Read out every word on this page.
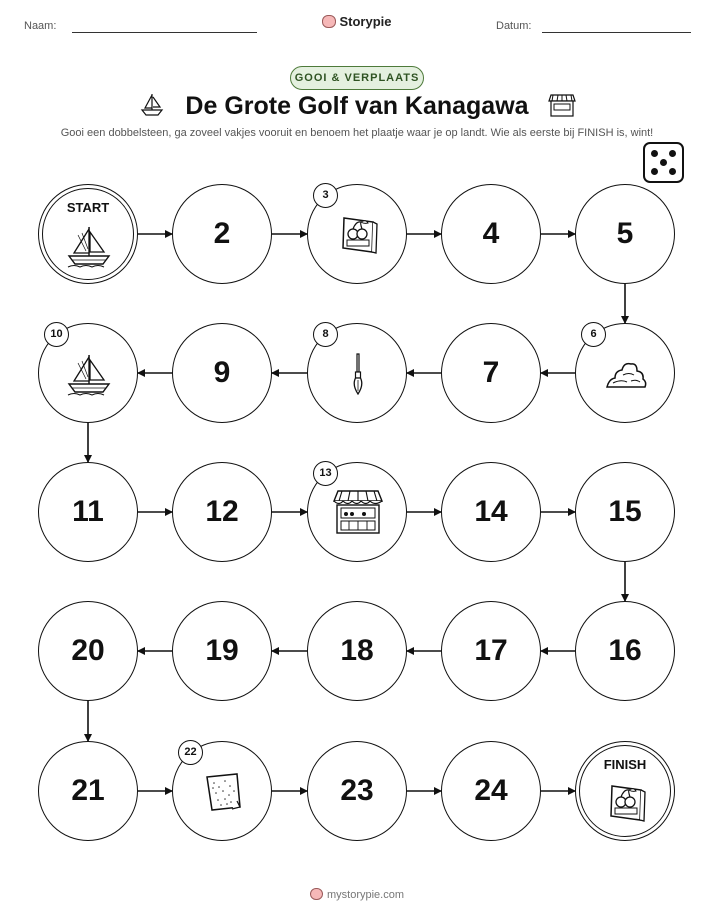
Naam:	Storypie	Datum:
GOOI & VERPLAATS
De Grote Golf van Kanagawa
Gooi een dobbelsteen, ga zoveel vakjes vooruit en benoem het plaatje waar je op landt. Wie als eerste bij FINISH is, wint!
START
2
3
4	5
6
7
8
9
10
11	12
13
14	15
16
17
18
19
20
21
22
23	24
FINISH
mystorypie.com
